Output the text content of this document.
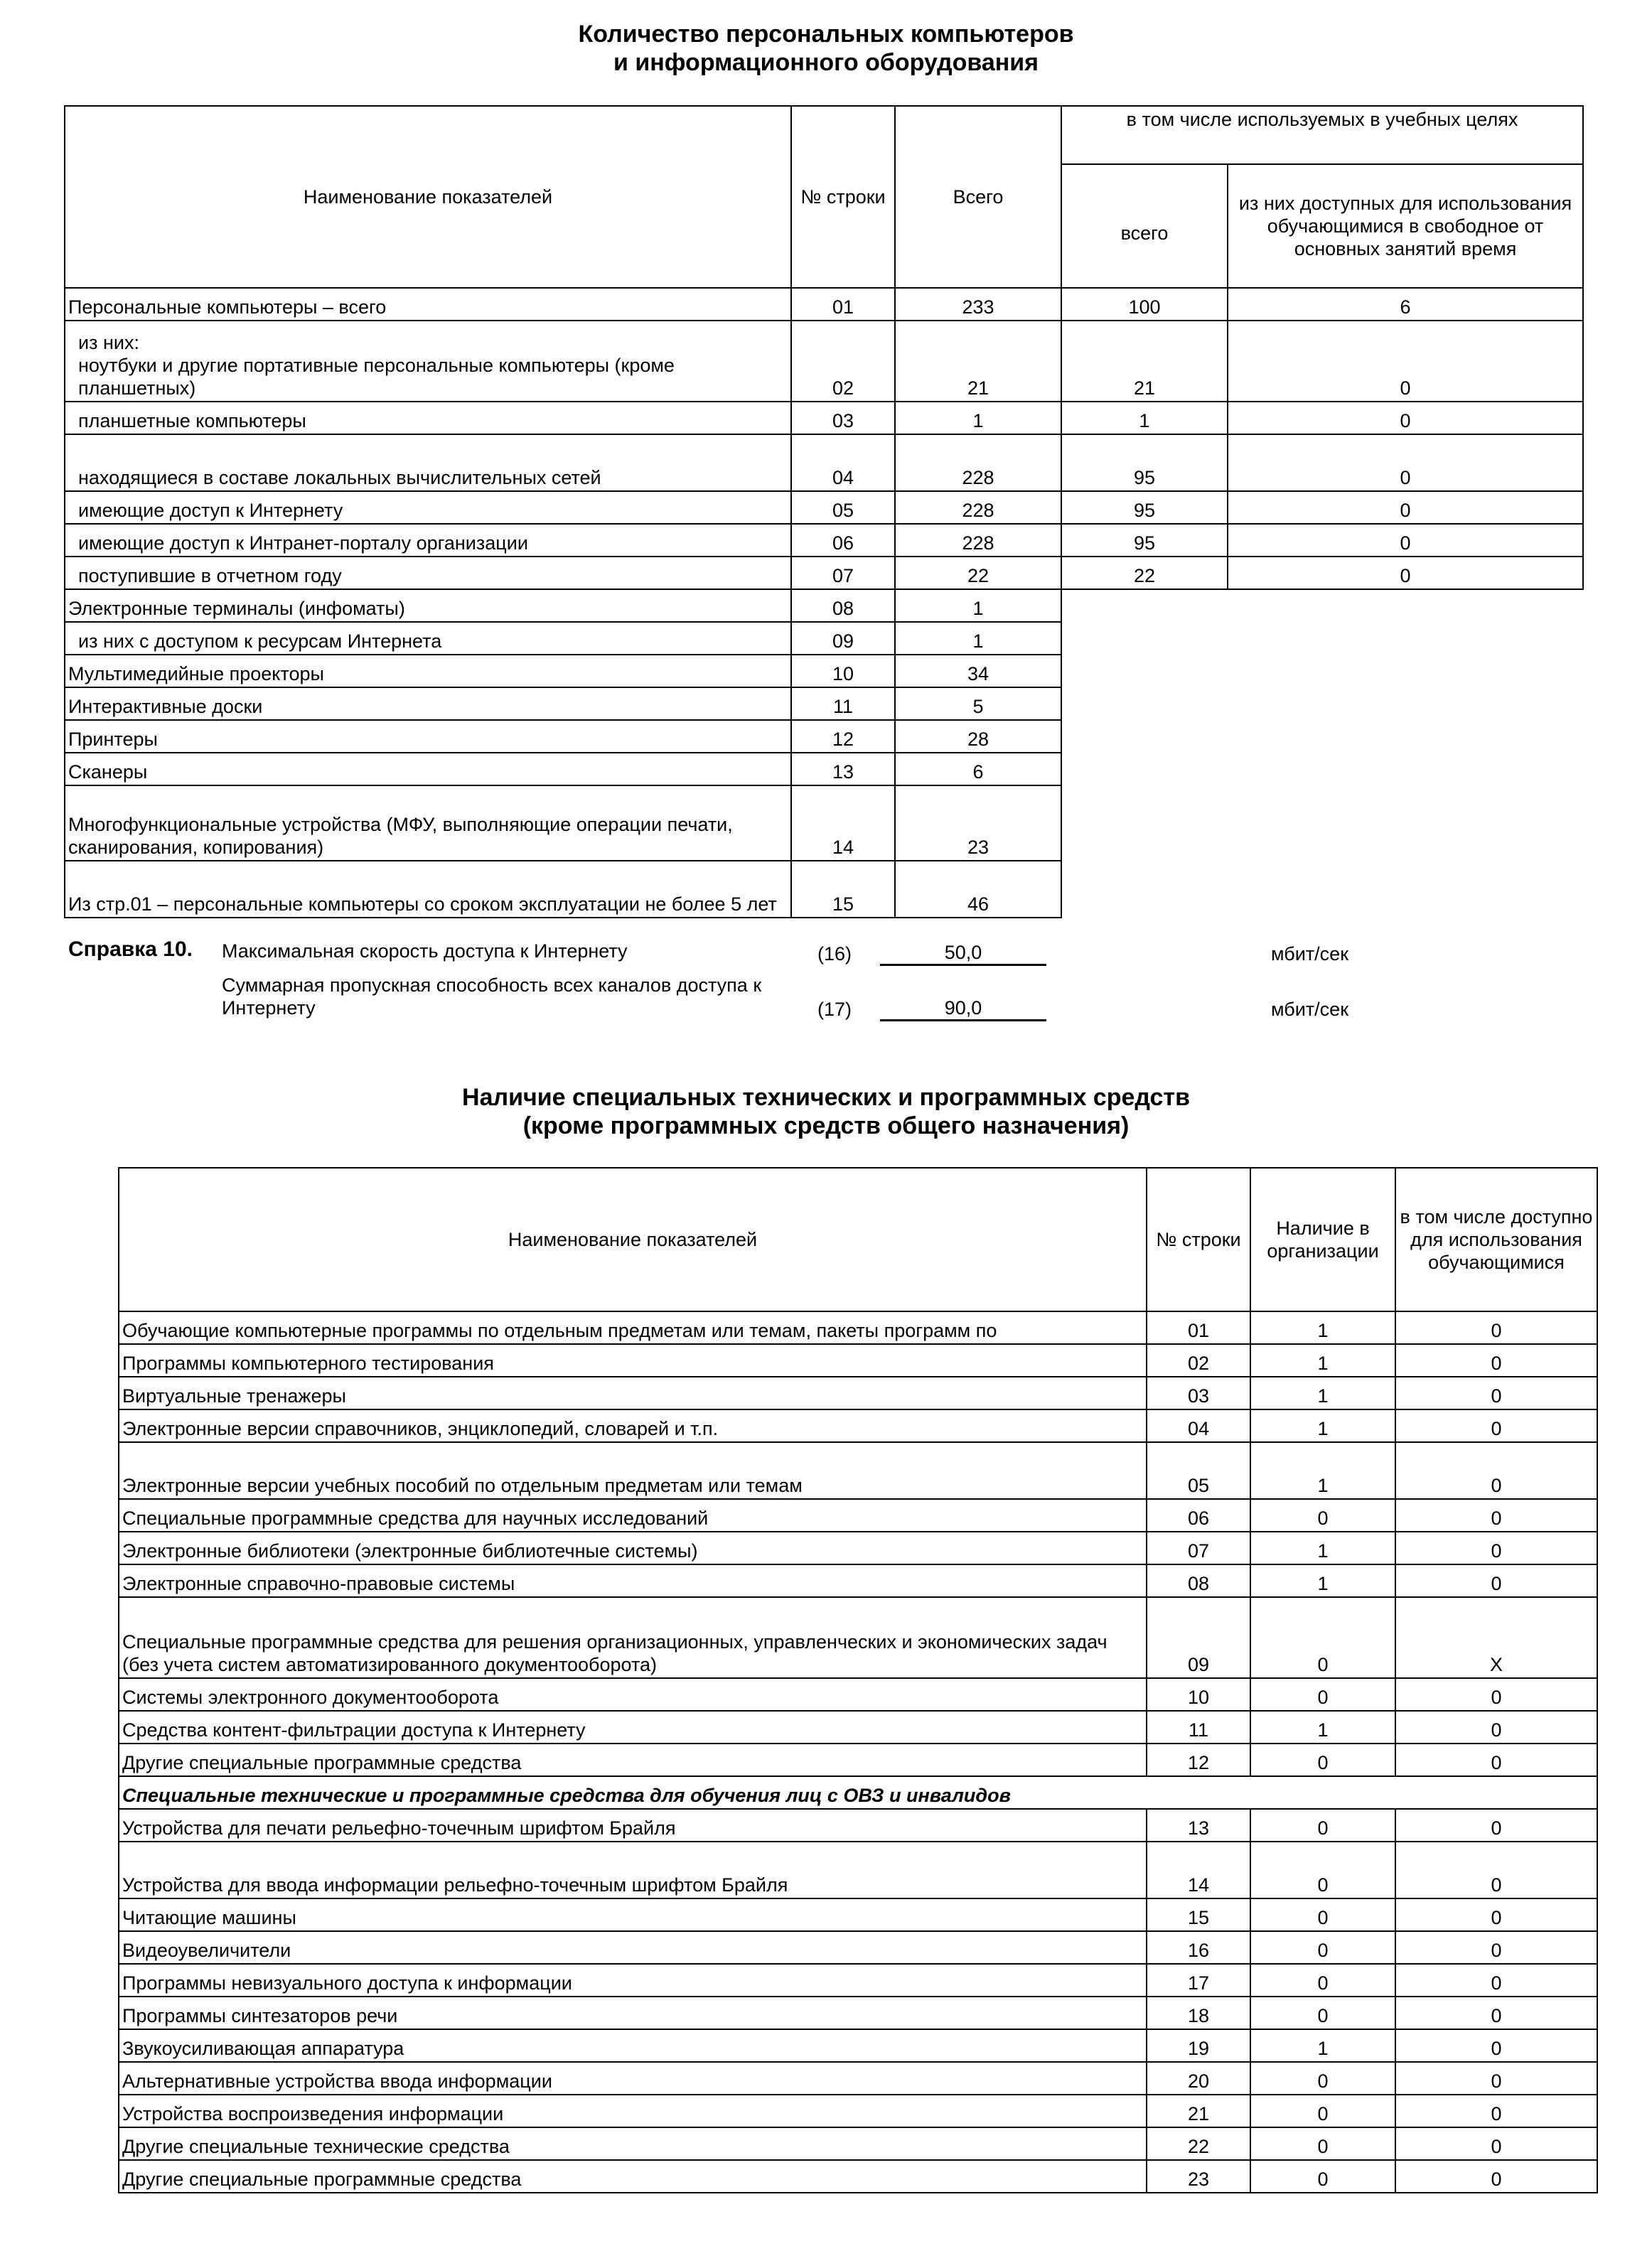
Количество персональных компьютеров
и информационного оборудования
Наименование показателей	№ строки	Всего	в том числе используемых в учебных целях	
			всего	из них доступных для использования обучающимися в свободное от основных занятий время
Персональные компьютеры – всего	01	233	100	6
из них:
ноутбуки и другие портативные персональные компьютеры (кроме планшетных)	02	21	21	0
планшетные компьютеры	03	1	1	0
находящиеся в составе локальных вычислительных сетей	04	228	95	0
имеющие доступ к Интернету	05	228	95	0
имеющие доступ к Интранет-порталу организации	06	228	95	0
поступившие в отчетном году	07	22	22	0
Электронные терминалы (инфоматы)	08	1		
из них с доступом к ресурсам Интернета	09	1		
Мультимедийные проекторы	10	34		
Интерактивные доски	11	5		
Принтеры	12	28		
Сканеры	13	6		
Многофункциональные устройства (МФУ, выполняющие операции печати, сканирования, копирования)	14	23		
Из стр.01 – персональные компьютеры со сроком эксплуатации не более 5 лет	15	46		
Справка 10. Максимальная скорость доступа к Интернету	(16)	50,0	мбит/сек
Суммарная пропускная способность всех каналов доступа к Интернету	(17)	90,0	мбит/сек
Наличие специальных технических и программных средств
(кроме программных средств общего назначения)
Наименование показателей	№ строки	Наличие в организации	в том числе доступно для использования обучающимися
Обучающие компьютерные программы по отдельным предметам или темам, пакеты программ по	01	1	0
Программы компьютерного тестирования	02	1	0
Виртуальные тренажеры	03	1	0
Электронные версии справочников, энциклопедий, словарей и т.п.	04	1	0
Электронные версии учебных пособий по отдельным предметам или темам	05	1	0
Специальные программные средства для научных исследований	06	0	0
Электронные библиотеки (электронные библиотечные системы)	07	1	0
Электронные справочно-правовые системы	08	1	0
Специальные программные средства для решения организационных, управленческих и экономических задач (без учета систем автоматизированного документооборота)	09	0	X
Системы электронного документооборота	10	0	0
Средства контент-фильтрации доступа к Интернету	11	1	0
Другие специальные программные средства	12	0	0
Специальные технические и программные средства для обучения лиц с ОВЗ и инвалидов			
Устройства для печати рельефно-точечным шрифтом Брайля	13	0	0
Устройства для ввода информации рельефно-точечным шрифтом Брайля	14	0	0
Читающие машины	15	0	0
Видеоувеличители	16	0	0
Программы невизуального доступа к информации	17	0	0
Программы синтезаторов речи	18	0	0
Звукоусиливающая аппаратура	19	1	0
Альтернативные устройства ввода информации	20	0	0
Устройства воспроизведения информации	21	0	0
Другие специальные технические средства	22	0	0
Другие специальные программные средства	23	0	0
